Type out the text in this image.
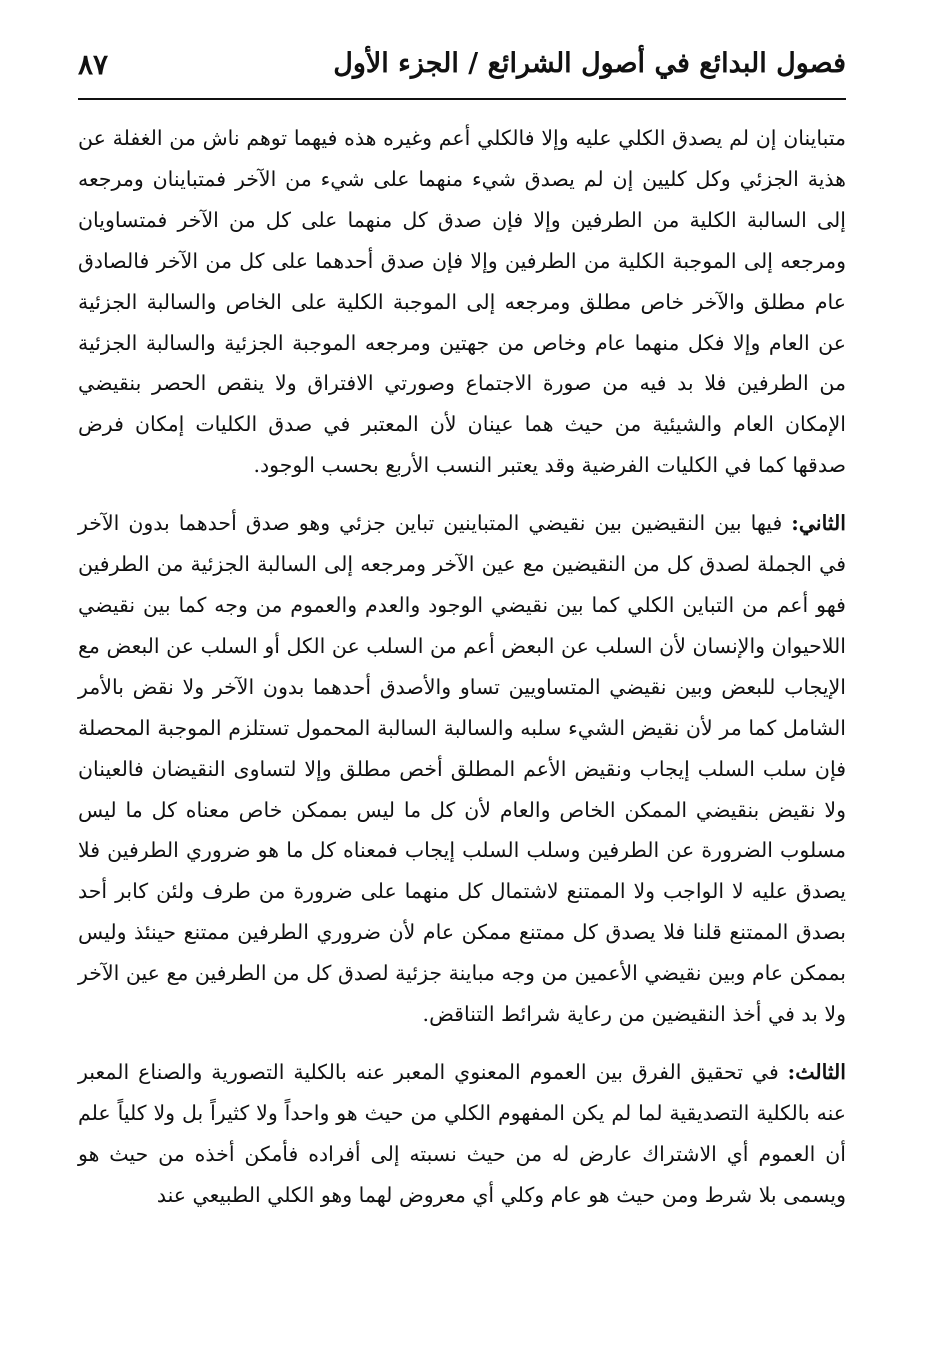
فصول البدائع في أصول الشرائع / الجزء الأول
٨٧

متباينان إن لم يصدق الكلي عليه وإلا فالكلي أعم وغيره هذه فيهما توهم ناش من الغفلة عن هذية الجزئي وكل كليين إن لم يصدق شيء منهما على شيء من الآخر فمتباينان ومرجعه إلى السالبة الكلية من الطرفين وإلا فإن صدق كل منهما على كل من الآخر فمتساويان ومرجعه إلى الموجبة الكلية من الطرفين وإلا فإن صدق أحدهما على كل من الآخر فالصادق عام مطلق والآخر خاص مطلق ومرجعه إلى الموجبة الكلية على الخاص والسالبة الجزئية عن العام وإلا فكل منهما عام وخاص من جهتين ومرجعه الموجبة الجزئية والسالبة الجزئية من الطرفين فلا بد فيه من صورة الاجتماع وصورتي الافتراق ولا ينقص الحصر بنقيضي الإمكان العام والشيئية من حيث هما عينان لأن المعتبر في صدق الكليات إمكان فرض صدقها كما في الكليات الفرضية وقد يعتبر النسب الأربع بحسب الوجود.

الثاني: فيها بين النقيضين بين نقيضي المتباينين تباين جزئي وهو صدق أحدهما بدون الآخر في الجملة لصدق كل من النقيضين مع عين الآخر ومرجعه إلى السالبة الجزئية من الطرفين فهو أعم من التباين الكلي كما بين نقيضي الوجود والعدم والعموم من وجه كما بين نقيضي اللاحيوان والإنسان لأن السلب عن البعض أعم من السلب عن الكل أو السلب عن البعض مع الإيجاب للبعض وبين نقيضي المتساويين تساو والأصدق أحدهما بدون الآخر ولا نقض بالأمر الشامل كما مر لأن نقيض الشيء سلبه والسالبة السالبة المحمول تستلزم الموجبة المحصلة فإن سلب السلب إيجاب ونقيض الأعم المطلق أخص مطلق وإلا لتساوى النقيضان فالعينان ولا نقيض بنقيضي الممكن الخاص والعام لأن كل ما ليس بممكن خاص معناه كل ما ليس مسلوب الضرورة عن الطرفين وسلب السلب إيجاب فمعناه كل ما هو ضروري الطرفين فلا يصدق عليه لا الواجب ولا الممتنع لاشتمال كل منهما على ضرورة من طرف ولئن كابر أحد بصدق الممتنع قلنا فلا يصدق كل ممتنع ممكن عام لأن ضروري الطرفين ممتنع حينئذ وليس بممكن عام وبين نقيضي الأعمين من وجه مباينة جزئية لصدق كل من الطرفين مع عين الآخر ولا بد في أخذ النقيضين من رعاية شرائط التناقض.

الثالث: في تحقيق الفرق بين العموم المعنوي المعبر عنه بالكلية التصورية والصناع المعبر عنه بالكلية التصديقية لما لم يكن المفهوم الكلي من حيث هو واحداً ولا كثيراً بل ولا كلياً علم أن العموم أي الاشتراك عارض له من حيث نسبته إلى أفراده فأمكن أخذه من حيث هو ويسمى بلا شرط ومن حيث هو عام وكلي أي معروض لهما وهو الكلي الطبيعي عند
